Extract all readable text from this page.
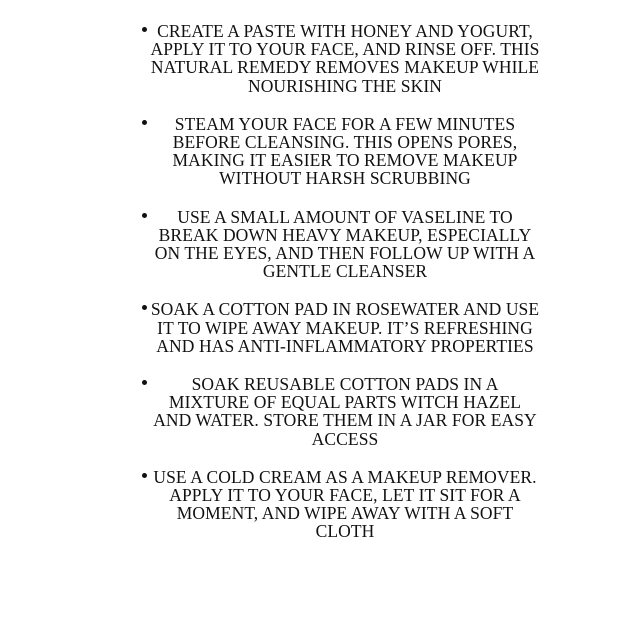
CREATE A PASTE WITH HONEY AND YOGURT, APPLY IT TO YOUR FACE, AND RINSE OFF. THIS NATURAL REMEDY REMOVES MAKEUP WHILE NOURISHING THE SKIN
STEAM YOUR FACE FOR A FEW MINUTES BEFORE CLEANSING. THIS OPENS PORES, MAKING IT EASIER TO REMOVE MAKEUP WITHOUT HARSH SCRUBBING
USE A SMALL AMOUNT OF VASELINE TO BREAK DOWN HEAVY MAKEUP, ESPECIALLY ON THE EYES, AND THEN FOLLOW UP WITH A GENTLE CLEANSER
SOAK A COTTON PAD IN ROSEWATER AND USE IT TO WIPE AWAY MAKEUP. IT’S REFRESHING AND HAS ANTI-INFLAMMATORY PROPERTIES
SOAK REUSABLE COTTON PADS IN A MIXTURE OF EQUAL PARTS WITCH HAZEL AND WATER. STORE THEM IN A JAR FOR EASY ACCESS
USE A COLD CREAM AS A MAKEUP REMOVER. APPLY IT TO YOUR FACE, LET IT SIT FOR A MOMENT, AND WIPE AWAY WITH A SOFT CLOTH
